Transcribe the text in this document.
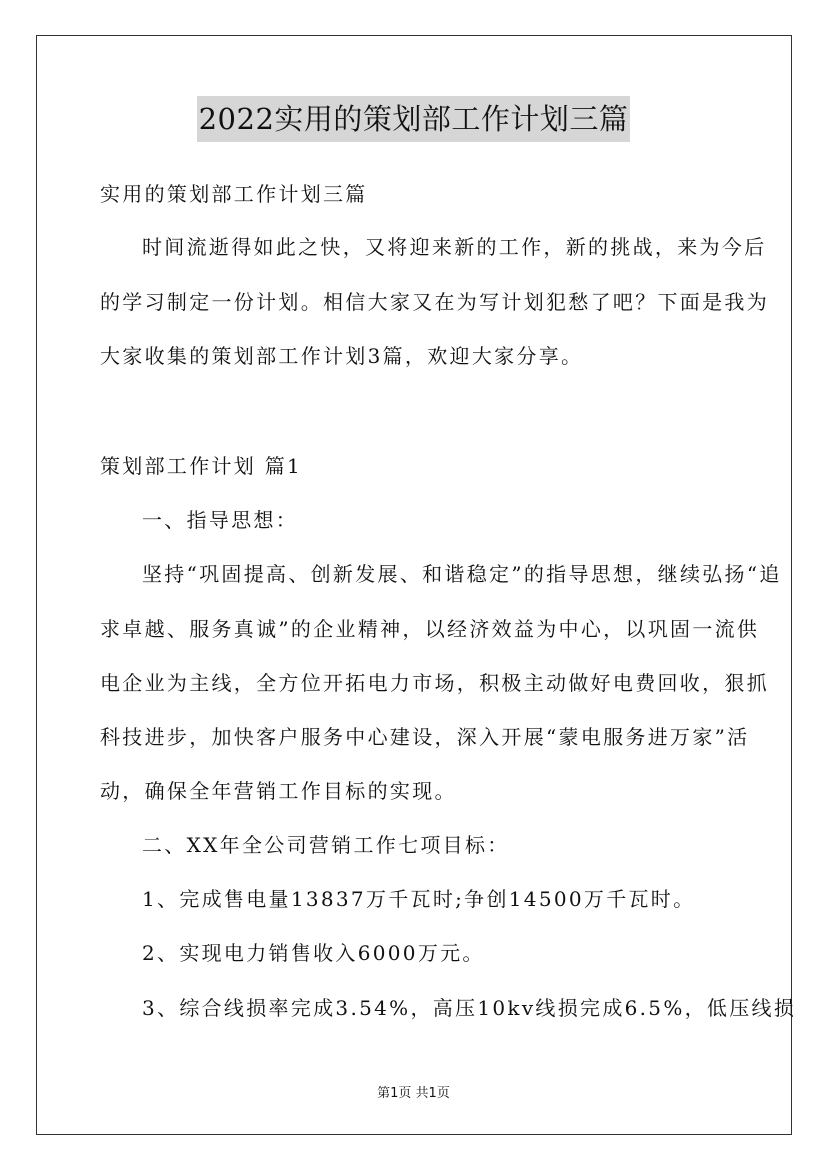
2022实用的策划部工作计划三篇
实用的策划部工作计划三篇
时间流逝得如此之快，又将迎来新的工作，新的挑战，来为今后
的学习制定一份计划。相信大家又在为写计划犯愁了吧？下面是我为
大家收集的策划部工作计划3篇，欢迎大家分享。
策划部工作计划 篇1
一、指导思想：
坚持“巩固提高、创新发展、和谐稳定”的指导思想，继续弘扬“追
求卓越、服务真诚”的企业精神，以经济效益为中心，以巩固一流供
电企业为主线，全方位开拓电力市场，积极主动做好电费回收，狠抓
科技进步，加快客户服务中心建设，深入开展“蒙电服务进万家”活
动，确保全年营销工作目标的实现。
二、XX年全公司营销工作七项目标：
1、完成售电量13837万千瓦时;争创14500万千瓦时。
2、实现电力销售收入6000万元。
3、综合线损率完成3.54%，高压10kv线损完成6.5%，低压线损
第1页 共1页
